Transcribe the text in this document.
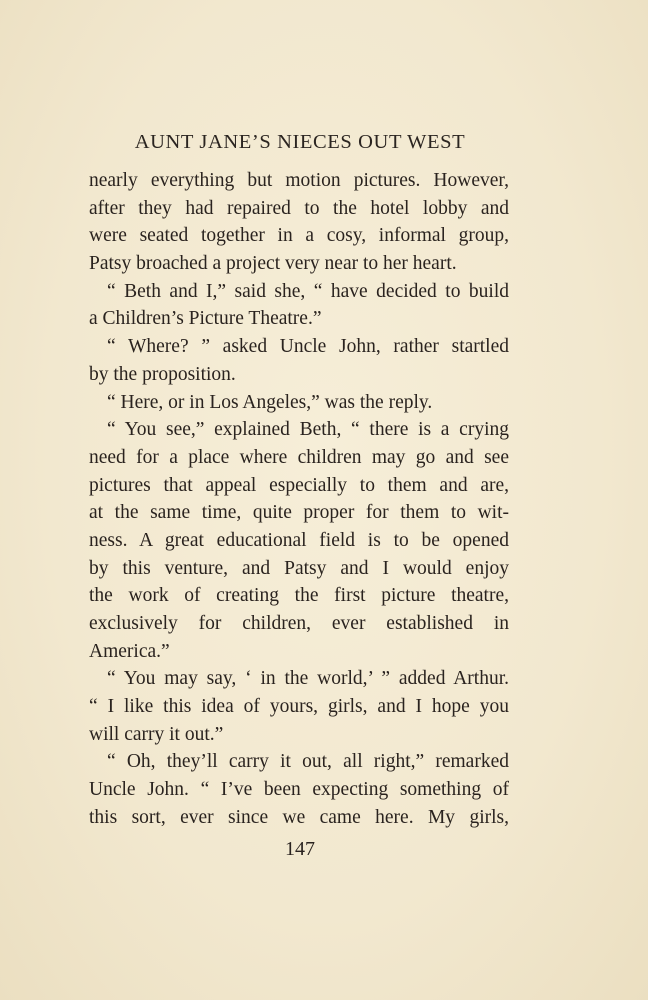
AUNT JANE’S NIECES OUT WEST
nearly everything but motion pictures. However,
after they had repaired to the hotel lobby and
were seated together in a cosy, informal group,
Patsy broached a project very near to her heart.
“ Beth and I,” said she, “ have decided to build
a Children’s Picture Theatre.”
“ Where? ” asked Uncle John, rather startled
by the proposition.
“ Here, or in Los Angeles,” was the reply.
“ You see,” explained Beth, “ there is a crying
need for a place where children may go and see
pictures that appeal especially to them and are,
at the same time, quite proper for them to wit-
ness. A great educational field is to be opened
by this venture, and Patsy and I would enjoy
the work of creating the first picture theatre,
exclusively for children, ever established in
America.”
“ You may say, ‘ in the world,’ ” added Arthur.
“ I like this idea of yours, girls, and I hope you
will carry it out.”
“ Oh, they’ll carry it out, all right,” remarked
Uncle John. “ I’ve been expecting something of
this sort, ever since we came here. My girls,
147
